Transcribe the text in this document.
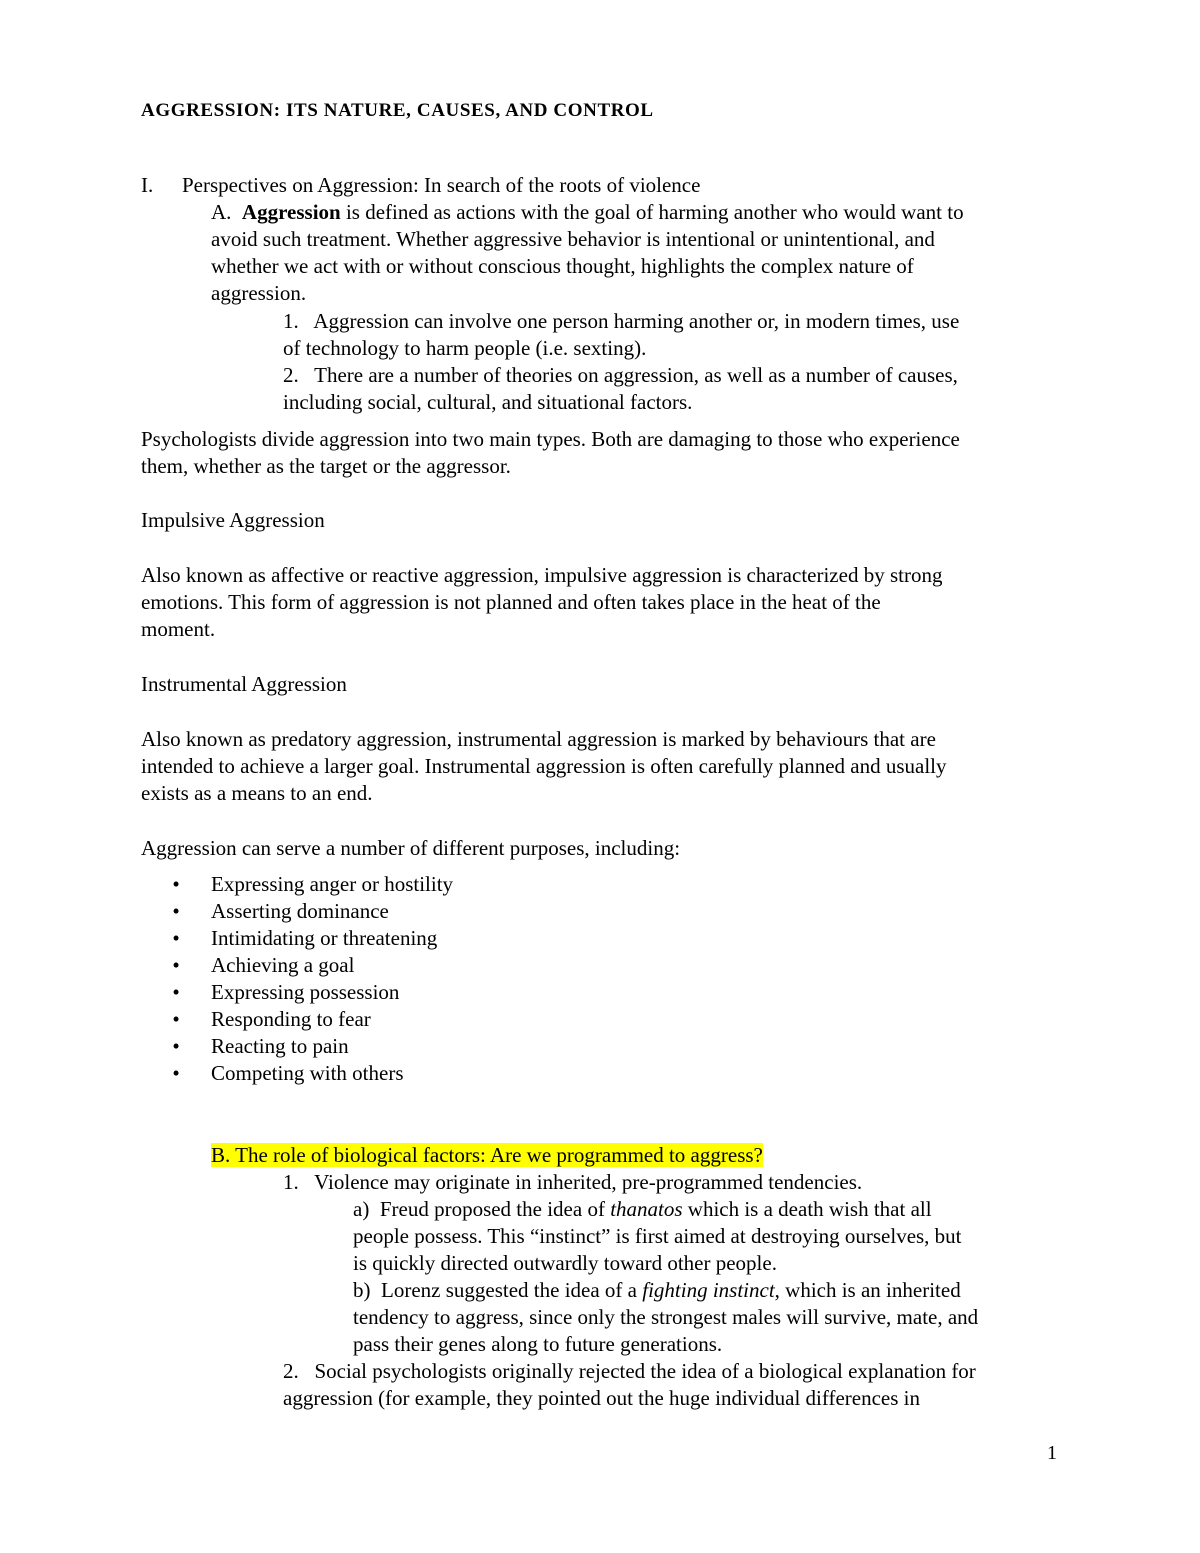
AGGRESSION: ITS NATURE, CAUSES, AND CONTROL
I. Perspectives on Aggression: In search of the roots of violence
A. Aggression is defined as actions with the goal of harming another who would want to
avoid such treatment. Whether aggressive behavior is intentional or unintentional, and
whether we act with or without conscious thought, highlights the complex nature of
aggression.
1. Aggression can involve one person harming another or, in modern times, use
of technology to harm people (i.e. sexting).
2. There are a number of theories on aggression, as well as a number of causes,
including social, cultural, and situational factors.
Psychologists divide aggression into two main types. Both are damaging to those who experience
them, whether as the target or the aggressor.
Impulsive Aggression
Also known as affective or reactive aggression, impulsive aggression is characterized by strong
emotions. This form of aggression is not planned and often takes place in the heat of the
moment.
Instrumental Aggression
Also known as predatory aggression, instrumental aggression is marked by behaviours that are
intended to achieve a larger goal. Instrumental aggression is often carefully planned and usually
exists as a means to an end.
Aggression can serve a number of different purposes, including:
• Expressing anger or hostility
• Asserting dominance
• Intimidating or threatening
• Achieving a goal
• Expressing possession
• Responding to fear
• Reacting to pain
• Competing with others
B. The role of biological factors: Are we programmed to aggress?
1. Violence may originate in inherited, pre-programmed tendencies.
a) Freud proposed the idea of thanatos which is a death wish that all
people possess. This “instinct” is first aimed at destroying ourselves, but
is quickly directed outwardly toward other people.
b) Lorenz suggested the idea of a fighting instinct, which is an inherited
tendency to aggress, since only the strongest males will survive, mate, and
pass their genes along to future generations.
2. Social psychologists originally rejected the idea of a biological explanation for
aggression (for example, they pointed out the huge individual differences in
1
